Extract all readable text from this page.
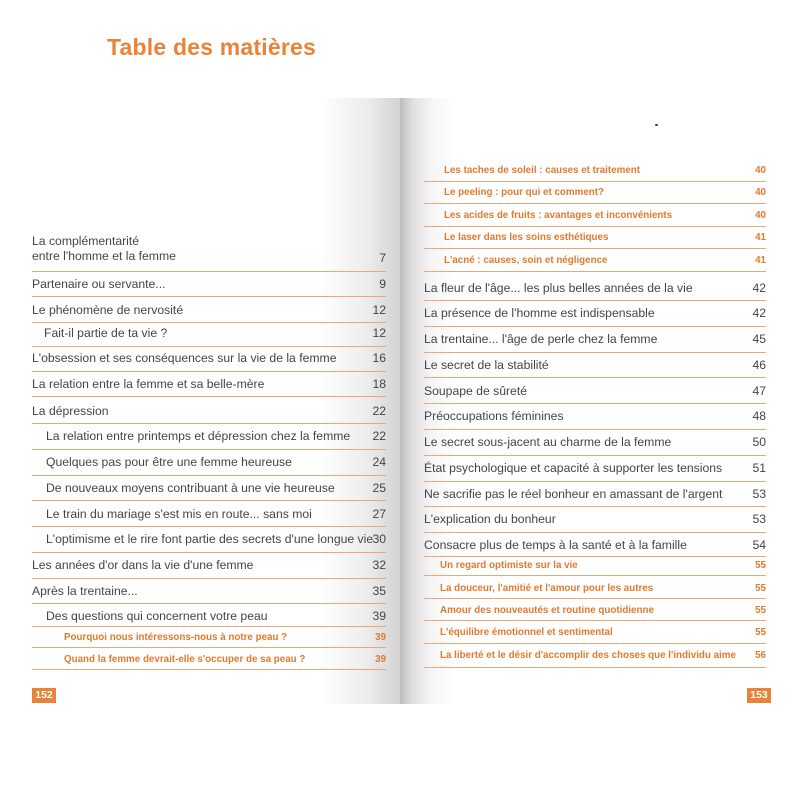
Table des matières
La complémentarité
entre l'homme et la femme	7
Partenaire ou servante...	9
Le phénomène de nervosité	12
Fait-il partie de ta vie ?	12
L'obsession et ses conséquences sur la vie de la femme	16
La relation entre la femme et sa belle-mère	18
La dépression	22
La relation entre printemps et dépression chez la femme 22
Quelques pas pour être une femme heureuse	24
De nouveaux moyens contribuant à une vie heureuse	25
Le train du mariage s'est mis en route... sans moi	27
L'optimisme et le rire font partie des secrets d'une longue vie 30
Les années d'or dans la vie d'une femme	32
Après la trentaine...	35
Des questions qui concernent votre peau	39
Pourquoi nous intéressons-nous à notre peau ?	39
Quand la femme devrait-elle s'occuper de sa peau ?	39
152
Les taches de soleil : causes et traitement	40
Le peeling : pour qui et comment?	40
Les acides de fruits : avantages et inconvénients	40
Le laser dans les soins esthétiques	41
L'acné : causes, soin et négligence	41
La fleur de l'âge... les plus belles années de la vie	42
La présence de l'homme est indispensable	42
La trentaine... l'âge de perle chez la femme	45
Le secret de la stabilité	46
Soupape de sûreté	47
Préoccupations féminines	48
Le secret sous-jacent au charme de la femme	50
État psychologique et capacité à supporter les tensions 51
Ne sacrifie pas le réel bonheur en amassant de l'argent 53
L'explication du bonheur	53
Consacre plus de temps à la santé et à la famille	54
Un regard optimiste sur la vie	55
La douceur, l'amitié et l'amour pour les autres	55
Amour des nouveautés et routine quotidienne	55
L'équilibre émotionnel et sentimental	55
La liberté et le désir d'accomplir des choses que l'individu aime 56
153
